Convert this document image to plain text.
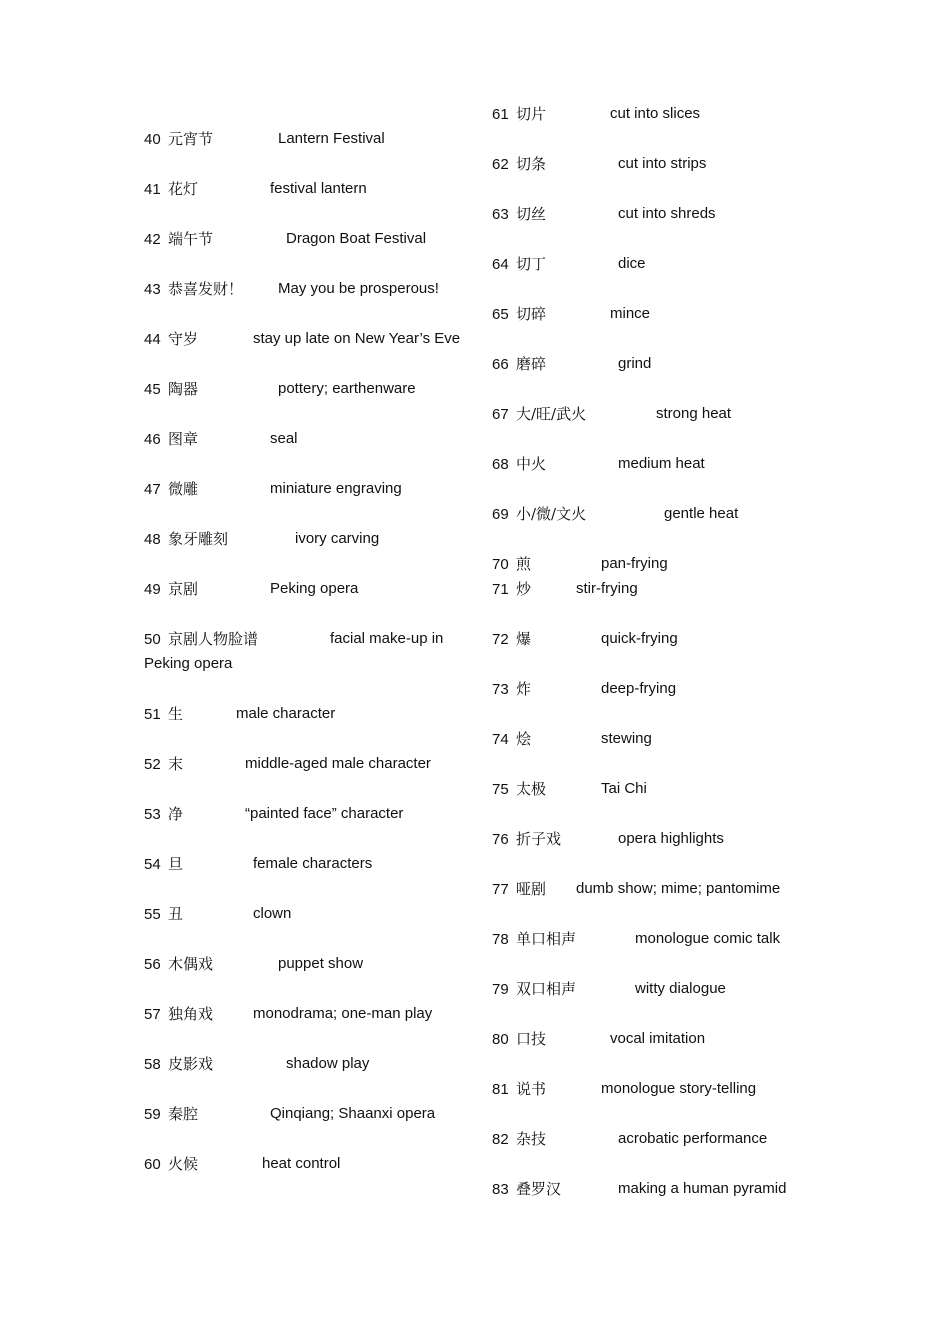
40 元宵节	Lantern Festival
41 花灯	festival lantern
42 端午节	Dragon Boat Festival
43 恭喜发财！ May you be prosperous!
44 守岁	stay up late on New Year’s Eve
45 陶器	pottery; earthenware
46 图章	seal
47 微雕	miniature engraving
48 象牙雕刻	ivory carving
49 京剧	Peking opera
50 京剧人物脸谱	facial make-up in
Peking opera
51 生	male character
52 末	middle-aged male character
53 净	“painted face” character
54 旦	female characters
55 丑	clown
56 木偶戏	puppet show
57 独角戏	monodrama; one-man play
58 皮影戏	shadow play
59 秦腔	Qinqiang; Shaanxi opera
60 火候	heat control
61 切片	cut into slices
62 切条	cut into strips
63 切丝	cut into shreds
64 切丁	dice
65 切碎	mince
66 磨碎	grind
67 大/旺/武火	strong heat
68 中火	medium heat
69 小/微/文火	gentle heat
70 煎	pan-frying
71 炒	stir-frying
72 爆	quick-frying
73 炸	deep-frying
74 烩	stewing
75 太极	Tai Chi
76 折子戏	opera highlights
77 哑剧 dumb show; mime; pantomime
78 单口相声	monologue comic talk
79 双口相声	witty dialogue
80 口技	vocal imitation
81 说书	monologue story-telling
82 杂技	acrobatic performance
83 叠罗汉	making a human pyramid
